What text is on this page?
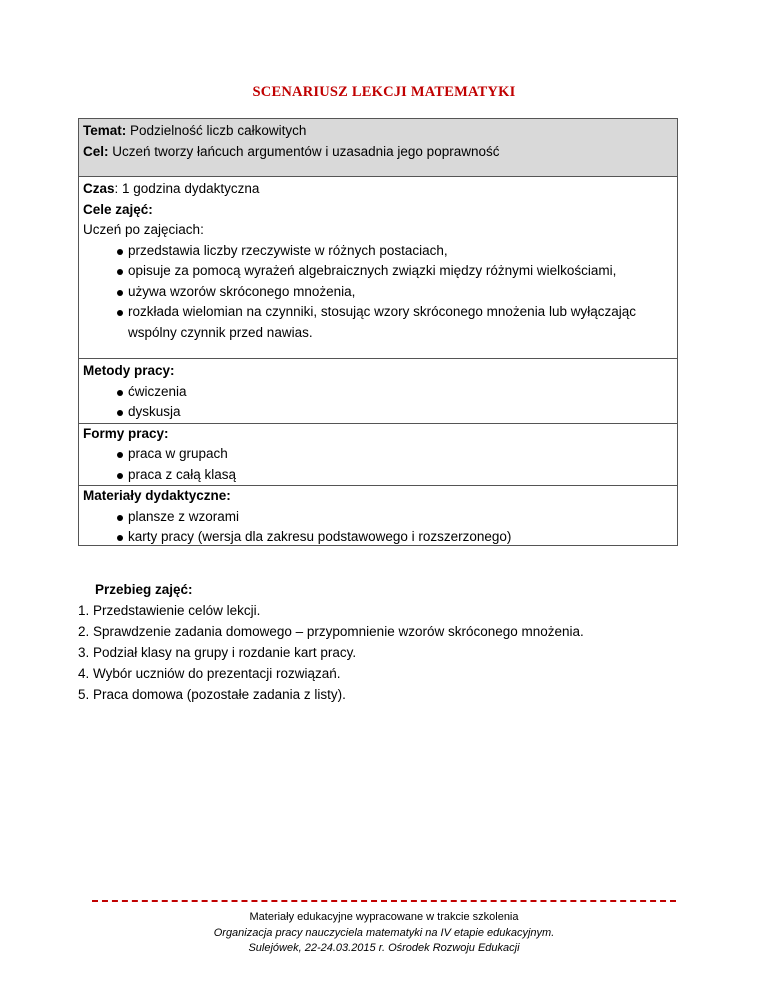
SCENARIUSZ LEKCJI MATEMATYKI
Temat: Podzielność liczb całkowitych
Cel: Uczeń tworzy łańcuch argumentów i uzasadnia jego poprawność
Czas: 1 godzina dydaktyczna
Cele zajęć:
Uczeń po zajęciach:
przedstawia liczby rzeczywiste w różnych postaciach,
opisuje za pomocą wyrażeń algebraicznych związki między różnymi wielkościami,
używa wzorów skróconego mnożenia,
rozkłada wielomian na czynniki, stosując wzory skróconego mnożenia lub wyłączając wspólny czynnik przed nawias.
Metody pracy:
ćwiczenia
dyskusja
Formy pracy:
praca w grupach
praca z całą klasą
Materiały dydaktyczne:
plansze z wzorami
karty pracy (wersja dla zakresu podstawowego i rozszerzonego)
Przebieg zajęć:
1. Przedstawienie celów lekcji.
2. Sprawdzenie zadania domowego – przypomnienie wzorów skróconego mnożenia.
3. Podział klasy na grupy i rozdanie kart pracy.
4. Wybór uczniów do prezentacji rozwiązań.
5. Praca domowa (pozostałe zadania z listy).
Materiały edukacyjne wypracowane w trakcie szkolenia
Organizacja pracy nauczyciela matematyki na IV etapie edukacyjnym.
Sulejówek, 22-24.03.2015 r. Ośrodek Rozwoju Edukacji
